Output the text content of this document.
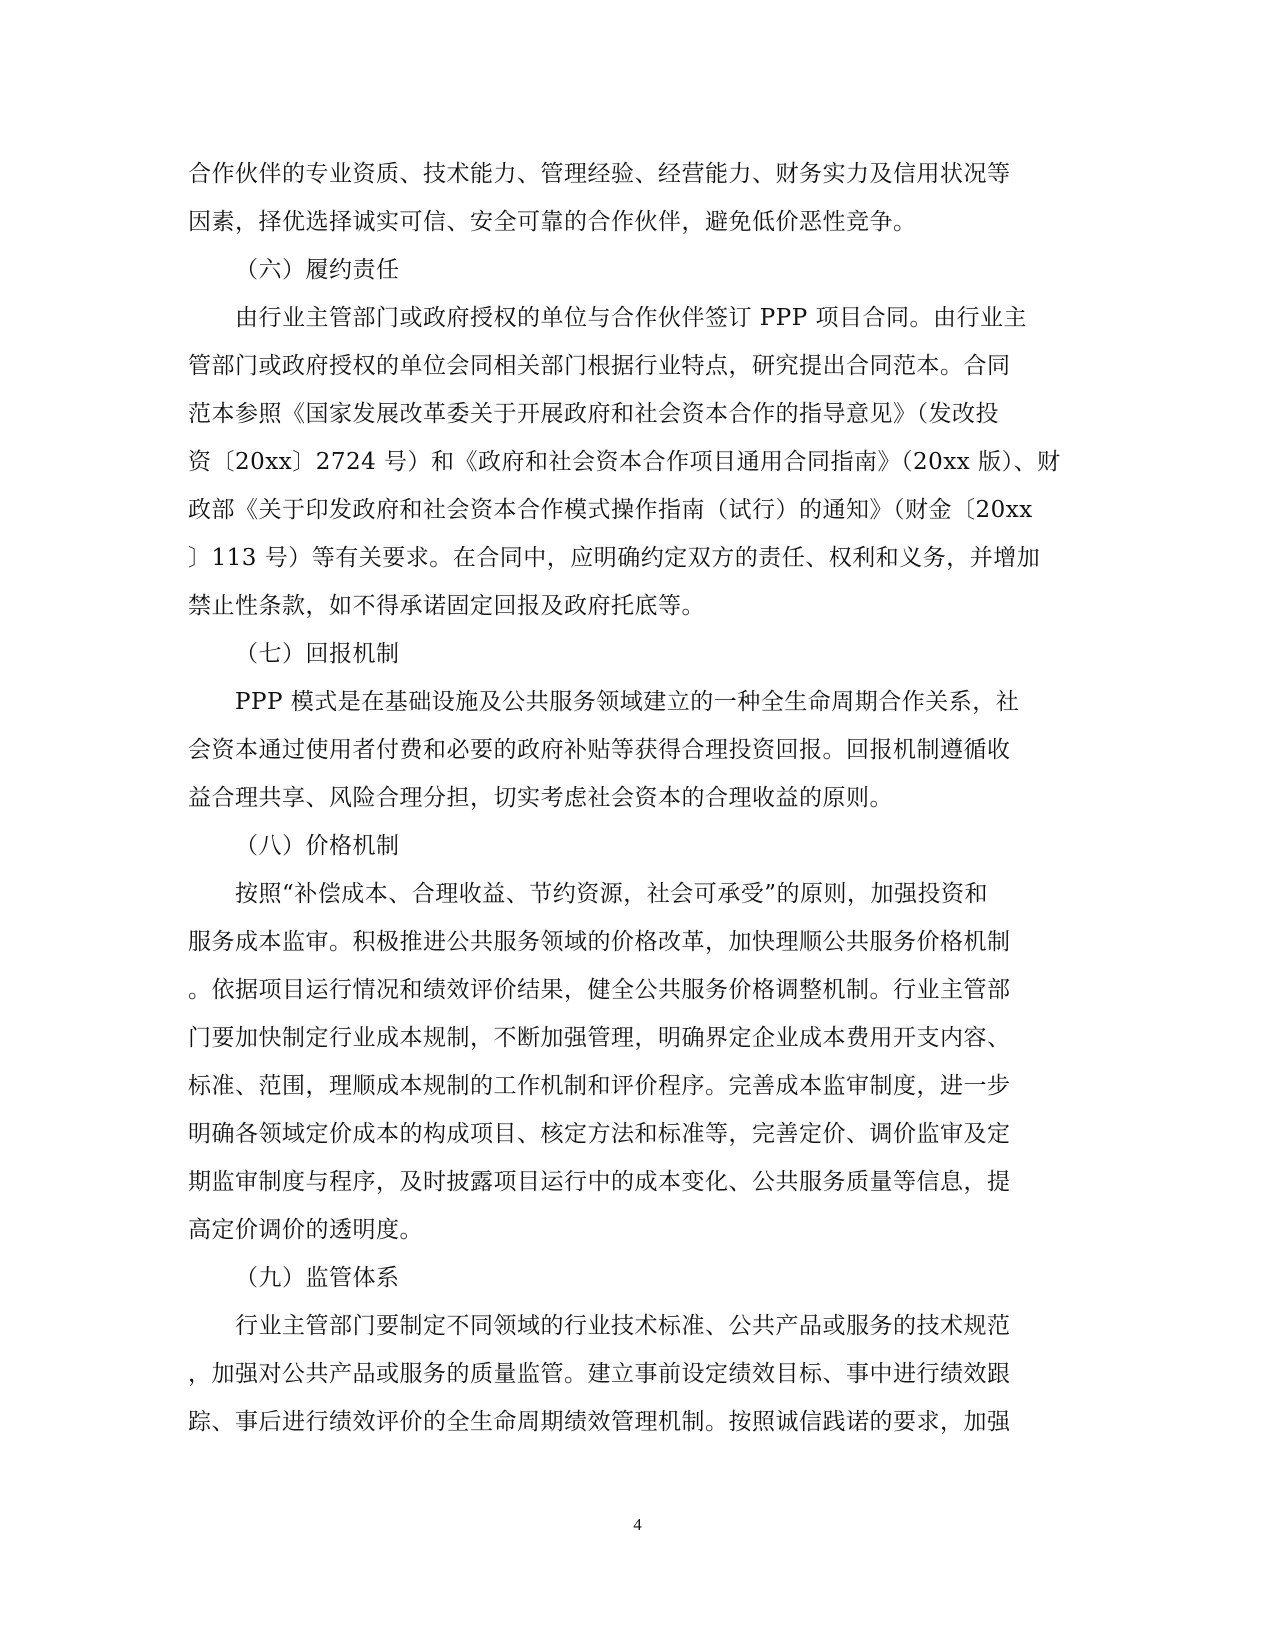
合作伙伴的专业资质、技术能力、管理经验、经营能力、财务实力及信用状况等

因素，择优选择诚实可信、安全可靠的合作伙伴，避免低价恶性竞争。

（六）履约责任

由行业主管部门或政府授权的单位与合作伙伴签订 PPP 项目合同。由行业主

管部门或政府授权的单位会同相关部门根据行业特点，研究提出合同范本。合同

范本参照《国家发展改革委关于开展政府和社会资本合作的指导意见》（发改投

资〔20xx〕2724 号）和《政府和社会资本合作项目通用合同指南》（20xx 版）、财

政部《关于印发政府和社会资本合作模式操作指南（试行）的通知》（财金〔20xx

〕113 号）等有关要求。在合同中，应明确约定双方的责任、权利和义务，并增加

禁止性条款，如不得承诺固定回报及政府托底等。

（七）回报机制

PPP 模式是在基础设施及公共服务领域建立的一种全生命周期合作关系，社

会资本通过使用者付费和必要的政府补贴等获得合理投资回报。回报机制遵循收

益合理共享、风险合理分担，切实考虑社会资本的合理收益的原则。

（八）价格机制

按照“补偿成本、合理收益、节约资源，社会可承受”的原则，加强投资和

服务成本监审。积极推进公共服务领域的价格改革，加快理顺公共服务价格机制

。依据项目运行情况和绩效评价结果，健全公共服务价格调整机制。行业主管部

门要加快制定行业成本规制，不断加强管理，明确界定企业成本费用开支内容、

标准、范围，理顺成本规制的工作机制和评价程序。完善成本监审制度，进一步

明确各领域定价成本的构成项目、核定方法和标准等，完善定价、调价监审及定

期监审制度与程序，及时披露项目运行中的成本变化、公共服务质量等信息，提

高定价调价的透明度。

（九）监管体系

行业主管部门要制定不同领域的行业技术标准、公共产品或服务的技术规范

，加强对公共产品或服务的质量监管。建立事前设定绩效目标、事中进行绩效跟

踪、事后进行绩效评价的全生命周期绩效管理机制。按照诚信践诺的要求，加强

4
